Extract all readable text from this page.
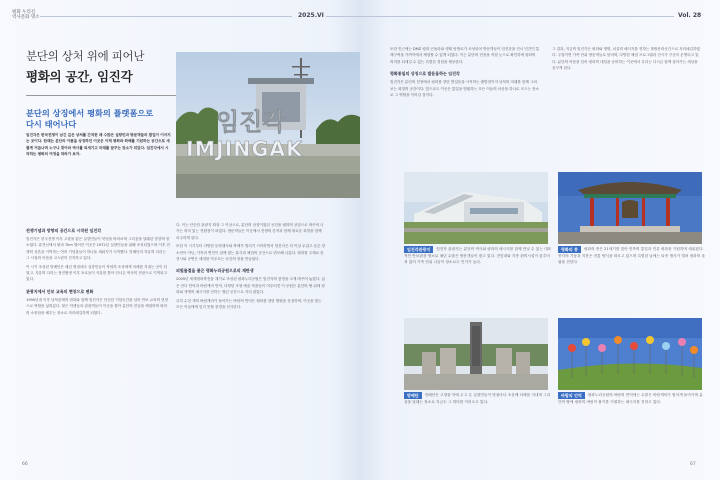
평화 누리길
역사문화 명소	2025.VI
분단의 상처 위에 피어난
평화의 공간, 임진각
분단의 상징에서 평화의 플랫폼으로
다시 태어나다	임진각
IMJINGAK
임진각은 한국전쟁이 남긴 깊은 상처를 간직한 채 수많은 실향민과 방문객들의 발길이 이어지는 곳이다. 한때는 분단의 아픔을 상징하던 이곳은 이제 평화와 화해를 기원하는 공간으로 새롭게 거듭나며 누구나 찾아와 역사를 되새기고 미래를 꿈꾸는 장소가 되었다. 임진각에서 시작하는 평화의 여정을 따라가 보자.
전쟁기념과 망향의 공간으로 시작된 임진각
임진각은 한국전쟁 이후 고향을 잃은 실향민들이 북녘을 바라보며 그리움을 달래던 망향의 장소였다. 휴전선에서 불과 7km 떨어진 이곳은 1972년 실향민들을 위해 조성되었으며 이후 전쟁의 상흔을 기억하는 여러 기념물들이 하나둘 세워지기 시작했다. 망배단과 자유의 다리는 그 시절의 아픔을 고스란히 간직하고 있다.
이 시기 조성된 망배단은 매년 명절마다 실향민들이 북녘의 조상에게 차례를 지내는 곳이 되었고, 자유의 다리는 정전협정 이후 포로들이 자유를 찾아 건너온 역사의 현장으로 기억되고 있다.
관광지에서 안보 교육의 현장으로 변화
1990년대 이후 남북관계의 변화와 함께 임진각은 단순한 기념공간을 넘어 안보 교육의 현장으로 역할을 넓혀갔다. 많은 학생들과 관광객들이 이곳을 찾아 분단의 현실을 체험하며 평화의 소중함을 배우는 장소로 자리매김하게 되었다.
다. 이는 단순한 관광지 확장 그 이상으로, 분단의 상징이었던 공간을 평화의 상징으로 바꾸어 나가는 의미 있는 전환점이 되었다. 방문객들은 이곳에서 전쟁의 흔적과 함께 새로운 희망을 함께 마주하게 된다.
또한 이 시기부터 다양한 문화행사와 축제가 열리기 시작하면서 임진각은 더 이상 무겁고 슬픈 장소만이 아닌, 가족과 연인이 함께 찾는 휴식과 체험의 공간으로 변모해 나갔다. 평화를 주제로 한 전시와 공연은 세대를 아우르는 공감의 장을 만들었다.
피빛물결을 품은 평화누리공원으로의 재탄생
2005년 세계평화축전을 계기로 조성된 평화누리공원은 임진각의 풍경을 크게 바꾸어 놓았다. 넓은 잔디 언덕과 바람개비 언덕, 다양한 조형 예술 작품들이 어우러진 이 공원은 분단의 땅 위에 평화와 생명의 메시지를 전하는 열린 공간으로 자리 잡았다.
특히 수천 개의 바람개비가 돌아가는 바람의 언덕은 평화를 향한 염원을 상징하며, 이곳을 찾는 모든 이들에게 잊지 못할 풍경을 선사한다.
66
Vol. 28
또한 인근에는 DMZ 평화 곤돌라와 생태 탐방로가 조성되어 방문객들이 임진강을 건너 민간인 통제구역을 가까이에서 체험할 수 있게 되었다. 이는 분단의 현장을 직접 눈으로 확인하며 평화의 의미를 되새길 수 있는 특별한 경험을 제공한다.
평화통일의 상징으로 발돋움하는 임진각
임진각은 분단의 현장에서 평화를 향한 발걸음을 시작하는 출발점이자 남북의 미래를 함께 그려보는 희망의 공간이다. 앞으로도 이곳은 통일을 염원하는 모든 이들의 마음을 하나로 모으는 장소로 그 역할을 이어갈 것이다.
그 결과, 지금의 임진각은 평화와 생명, 치유의 메시지를 전하는 복합문화공간으로 자리매김하였다. 주말이면 가족 단위 방문객들로 붐비며, 다양한 체험 프로그램과 전시가 꾸준히 운영되고 있다. 분단의 아픔을 넘어 평화의 내일을 준비하는 이곳에서 우리는 다시금 함께 살아가는 세상을 꿈꾸게 된다.
임진각관광지 임진각 관광지는 분단의 역사와 평화의 메시지를 함께 만날 수 있는 대표적인 안보관광 명소로 매년 수많은 방문객들이 찾고 있다. 전망대와 각종 편의시설이 갖추어져 있어 가족 단위 나들이 장소로도 인기가 높다.
평화의 종 평화의 종은 21세기를 맞아 민족의 통일과 인류 평화를 기원하며 세워졌다. 종각의 기둥과 지붕은 전통 양식을 따르고 있으며 특별한 날에는 타종 행사가 열려 평화의 울림을 전한다.
망배단 망배단은 고향을 북에 두고 온 실향민들이 명절마다 조상께 차례를 지내며 그리움을 달래는 장소로 지금도 그 의미를 이어오고 있다.
바람의 언덕 평화누리공원의 바람의 언덕에는 수많은 바람개비가 힘차게 돌아가며 분단의 땅에 평화의 바람이 불기를 기원하는 메시지를 전하고 있다.
67
